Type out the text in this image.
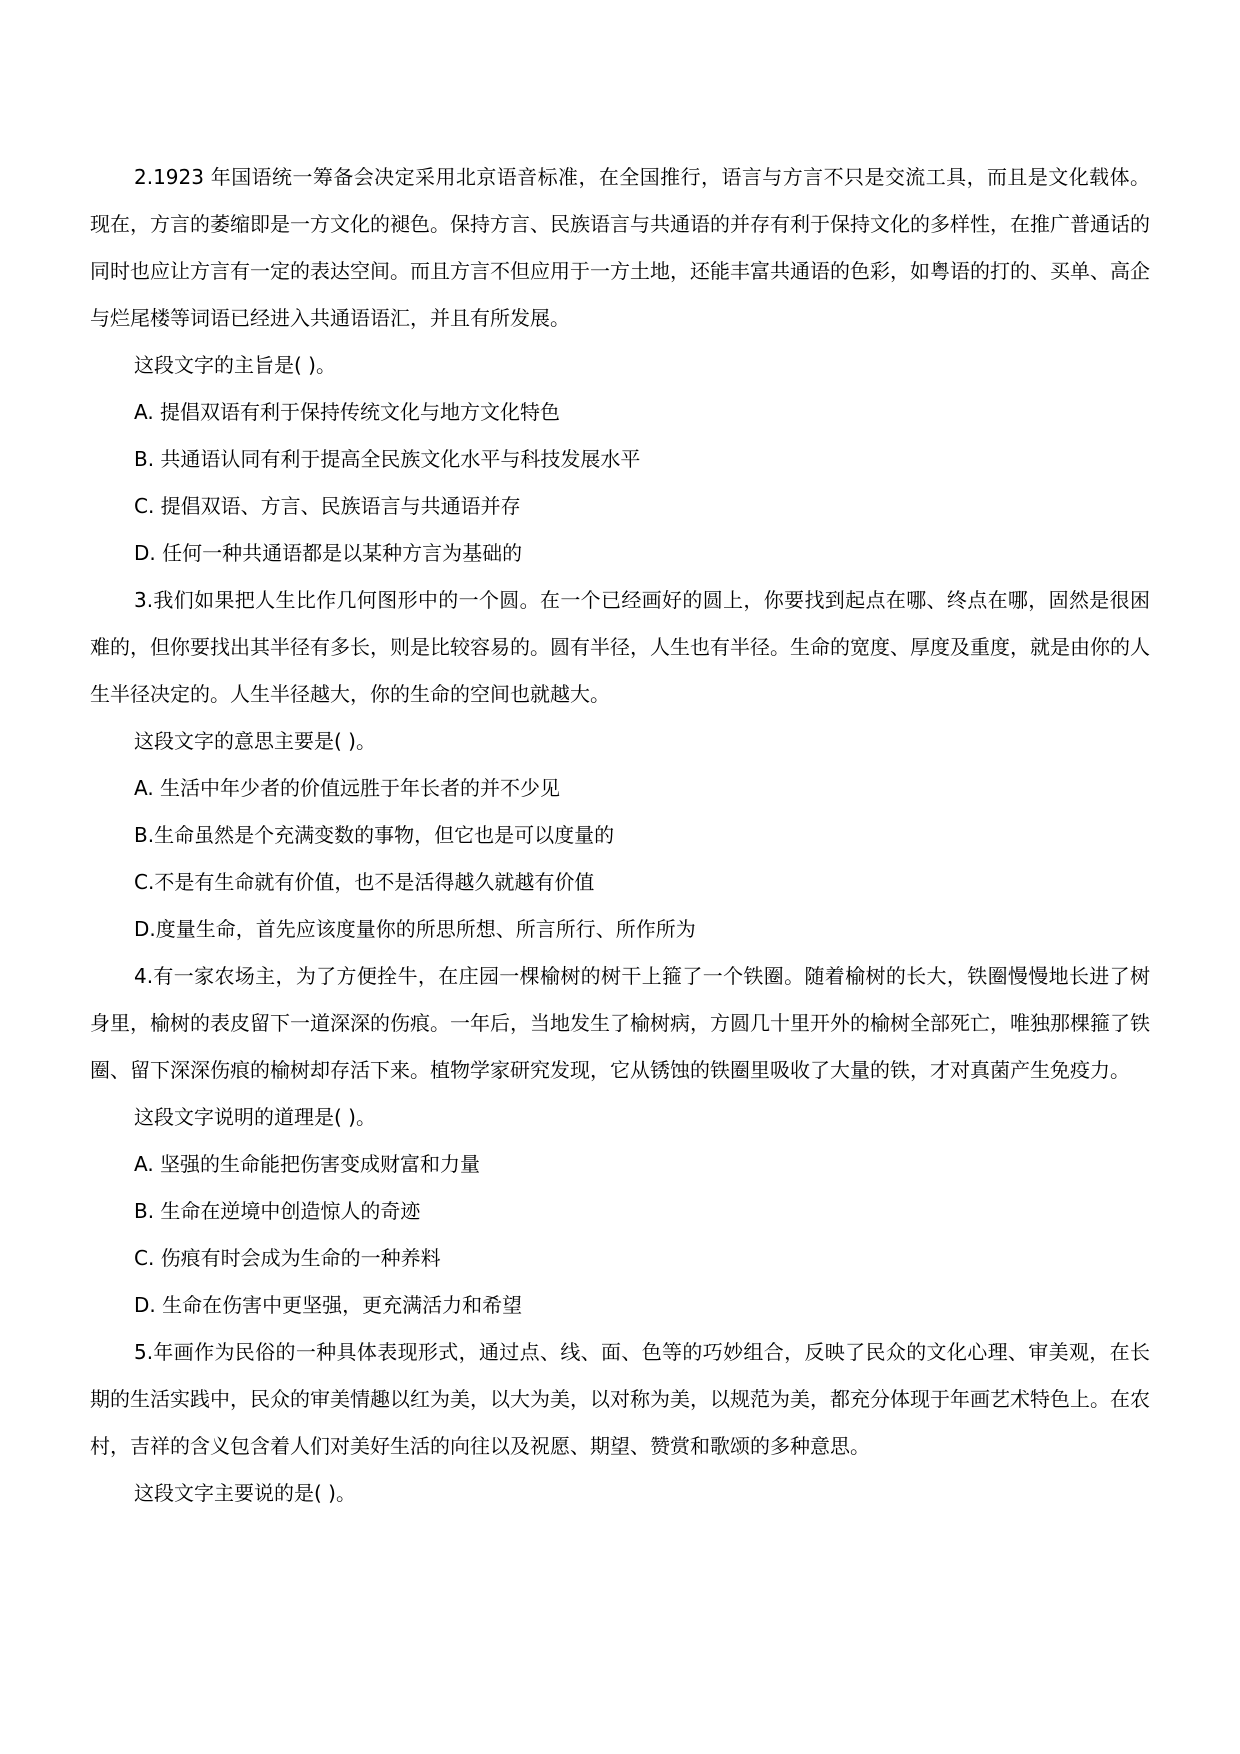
2.1923 年国语统一筹备会决定采用北京语音标准，在全国推行，语言与方言不只是交流工具，而且是文化载体。现在，方言的萎缩即是一方文化的褪色。保持方言、民族语言与共通语的并存有利于保持文化的多样性，在推广普通话的同时也应让方言有一定的表达空间。而且方言不但应用于一方土地，还能丰富共通语的色彩，如粤语的打的、买单、高企与烂尾楼等词语已经进入共通语语汇，并且有所发展。

这段文字的主旨是( )。

A. 提倡双语有利于保持传统文化与地方文化特色

B. 共通语认同有利于提高全民族文化水平与科技发展水平

C. 提倡双语、方言、民族语言与共通语并存

D. 任何一种共通语都是以某种方言为基础的

3.我们如果把人生比作几何图形中的一个圆。在一个已经画好的圆上，你要找到起点在哪、终点在哪，固然是很困难的，但你要找出其半径有多长，则是比较容易的。圆有半径，人生也有半径。生命的宽度、厚度及重度，就是由你的人生半径决定的。人生半径越大，你的生命的空间也就越大。

这段文字的意思主要是( )。

A. 生活中年少者的价值远胜于年长者的并不少见

B.生命虽然是个充满变数的事物，但它也是可以度量的

C.不是有生命就有价值，也不是活得越久就越有价值

D.度量生命，首先应该度量你的所思所想、所言所行、所作所为

4.有一家农场主，为了方便拴牛，在庄园一棵榆树的树干上箍了一个铁圈。随着榆树的长大，铁圈慢慢地长进了树身里，榆树的表皮留下一道深深的伤痕。一年后，当地发生了榆树病，方圆几十里开外的榆树全部死亡，唯独那棵箍了铁圈、留下深深伤痕的榆树却存活下来。植物学家研究发现，它从锈蚀的铁圈里吸收了大量的铁，才对真菌产生免疫力。

这段文字说明的道理是( )。

A. 坚强的生命能把伤害变成财富和力量

B. 生命在逆境中创造惊人的奇迹

C. 伤痕有时会成为生命的一种养料

D. 生命在伤害中更坚强，更充满活力和希望

5.年画作为民俗的一种具体表现形式，通过点、线、面、色等的巧妙组合，反映了民众的文化心理、审美观，在长期的生活实践中，民众的审美情趣以红为美，以大为美，以对称为美，以规范为美，都充分体现于年画艺术特色上。在农村，吉祥的含义包含着人们对美好生活的向往以及祝愿、期望、赞赏和歌颂的多种意思。

这段文字主要说的是( )。
